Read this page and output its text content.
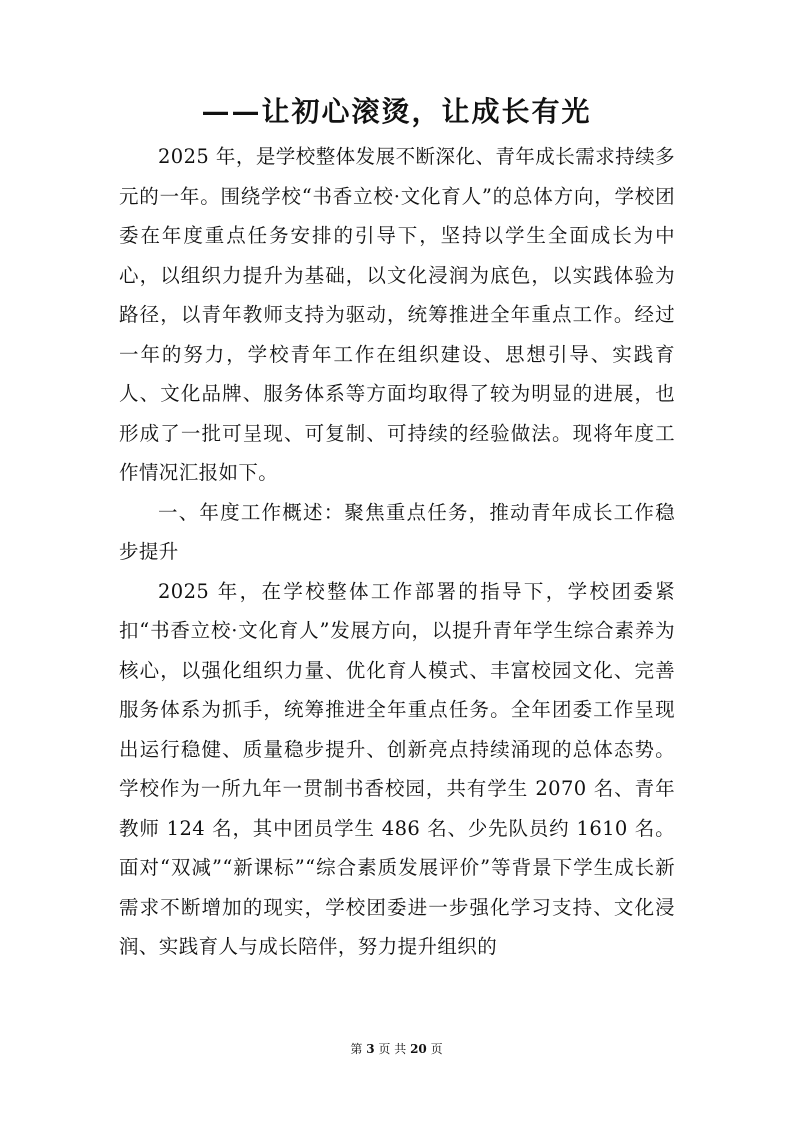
——让初心滚烫，让成长有光

2025 年，是学校整体发展不断深化、青年成长需求持续多元的一年。围绕学校“书香立校·文化育人”的总体方向，学校团委在年度重点任务安排的引导下，坚持以学生全面成长为中心，以组织力提升为基础，以文化浸润为底色，以实践体验为路径，以青年教师支持为驱动，统筹推进全年重点工作。经过一年的努力，学校青年工作在组织建设、思想引导、实践育人、文化品牌、服务体系等方面均取得了较为明显的进展，也形成了一批可呈现、可复制、可持续的经验做法。现将年度工作情况汇报如下。

一、年度工作概述：聚焦重点任务，推动青年成长工作稳步提升

2025 年，在学校整体工作部署的指导下，学校团委紧扣“书香立校·文化育人”发展方向，以提升青年学生综合素养为核心，以强化组织力量、优化育人模式、丰富校园文化、完善服务体系为抓手，统筹推进全年重点任务。全年团委工作呈现出运行稳健、质量稳步提升、创新亮点持续涌现的总体态势。学校作为一所九年一贯制书香校园，共有学生 2070 名、青年教师 124 名，其中团员学生 486 名、少先队员约 1610 名。面对“双减”“新课标”“综合素质发展评价”等背景下学生成长新需求不断增加的现实，学校团委进一步强化学习支持、文化浸润、实践育人与成长陪伴，努力提升组织的

第 3 页 共 20 页
